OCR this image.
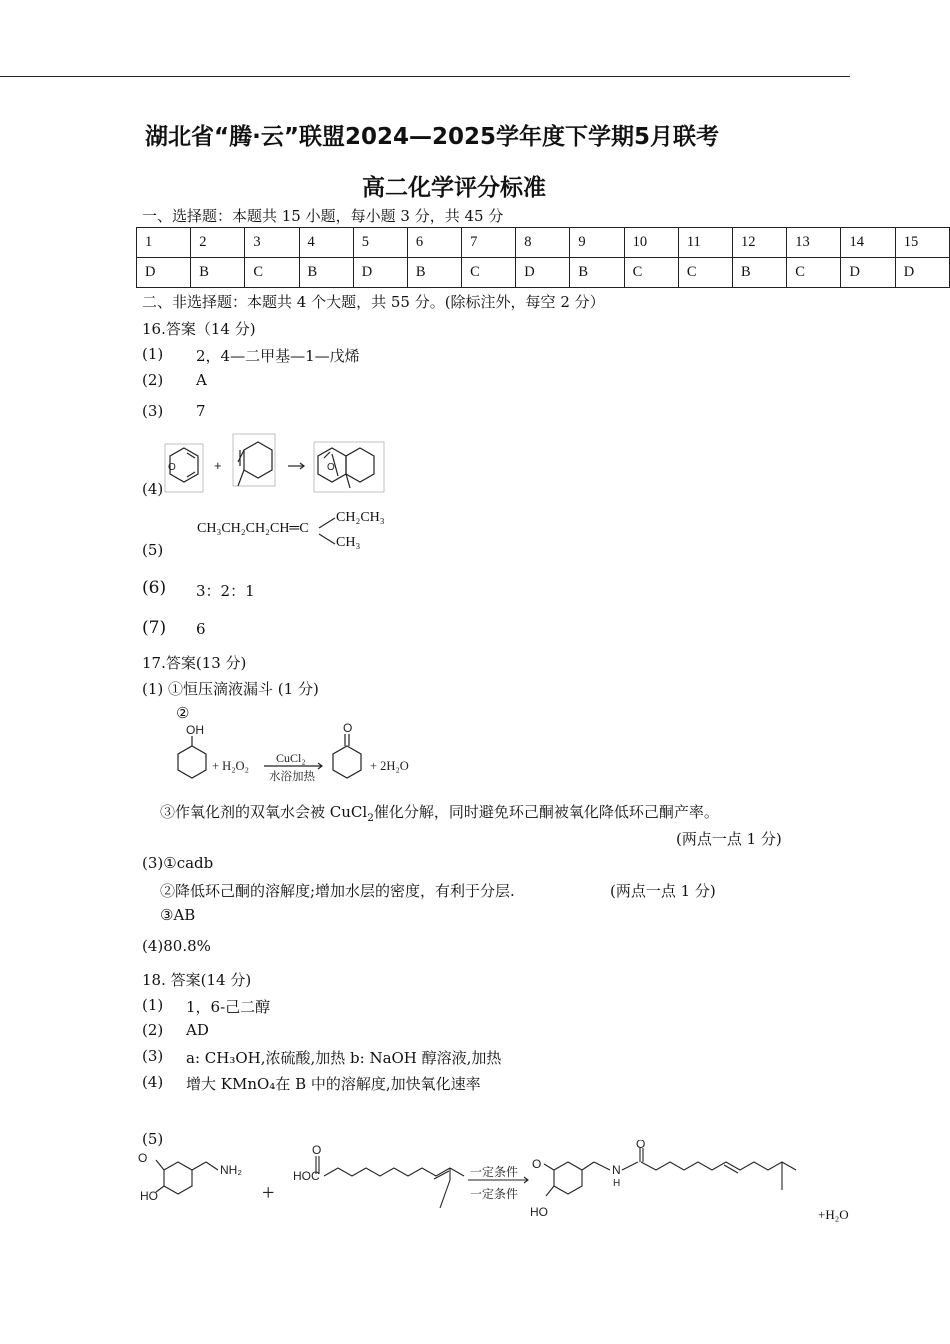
湖北省“腾·云”联盟2024—2025学年度下学期5月联考
高二化学评分标准
一、选择题：本题共 15 小题，每小题 3 分，共 45 分
1	2	3	4	5	6	7	8	9	10	11	12	13	14	15
D	B	C	B	D	B	C	D	B	C	C	B	C	D	D
二、非选择题：本题共 4 个大题，共 55 分。(除标注外，每空 2 分）
16.答案（14 分)
(1) 2，4—二甲基—1—戊烯
(2) A
(3) 7
(4)
O	+	O
(5)
CH₃CH₂CH₂CH═C
CH₂CH₃
CH₃
(6) 3：2：1
(7) 6
17.答案(13 分)
(1) ①恒压滴液漏斗 (1 分)
②
OH
+ H₂O₂
CuCl₂
水浴加热
O
+ 2H₂O
③作氧化剂的双氧水会被 CuCl$_2$催化分解，同时避免环己酮被氧化降低环己酮产率。
(两点一点 1 分)
(3)①cadb
②降低环己酮的溶解度;增加水层的密度，有利于分层.	(两点一点 1 分)
③AB
(4)80.8%
18. 答案(14 分)
(1) 1，6-己二醇
(2) AD
(3) a: CH₃OH,浓硫酸,加热 b: NaOH 醇溶液,加热
(4) 增大 KMnO₄在 B 中的溶解度,加快氧化速率
(5)
O
NH₂
HO	+
O
HOC	一定条件
一定条件
O
HO
N
H
O
+H₂O
